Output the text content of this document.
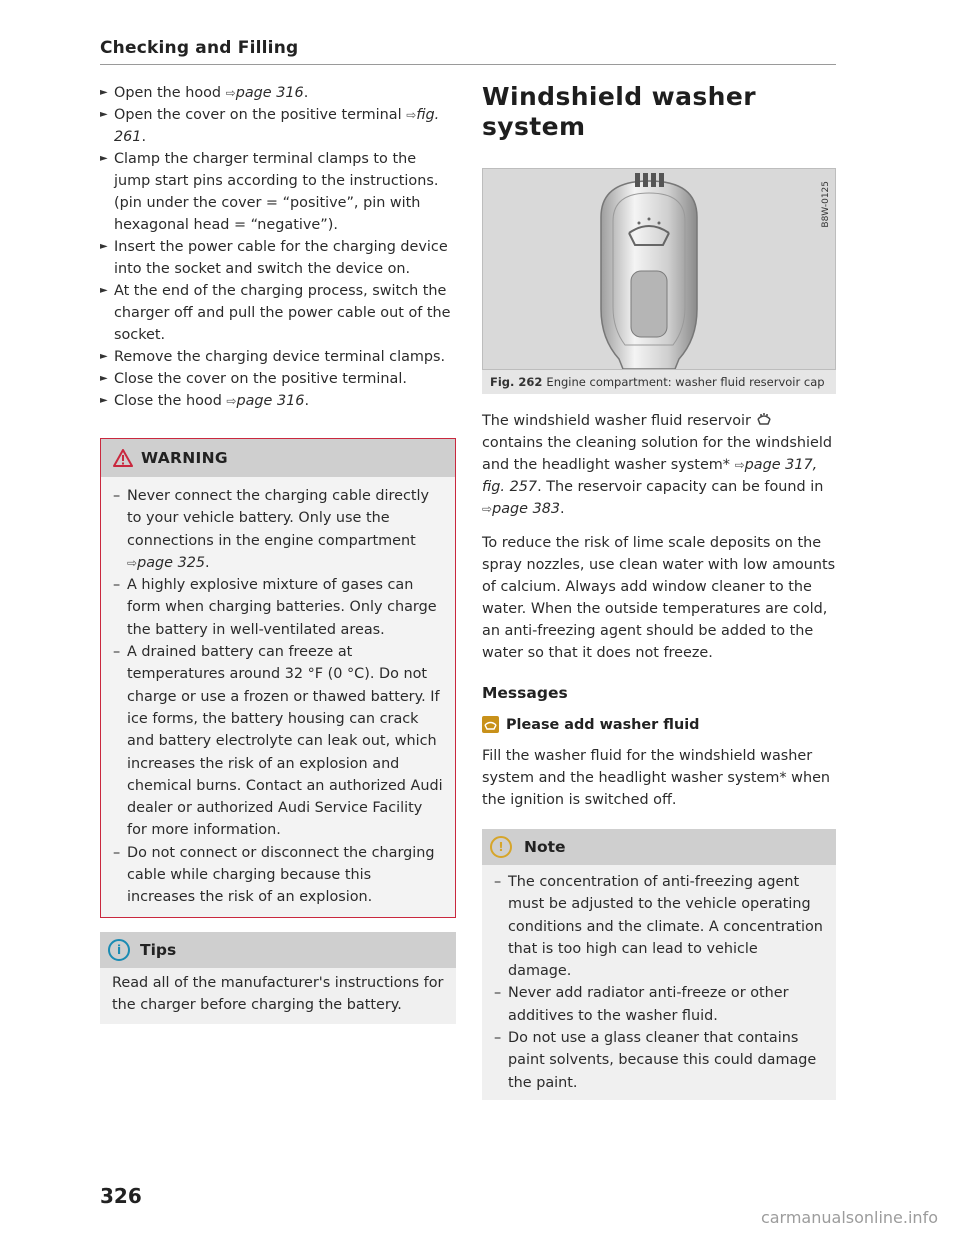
Checking and Filling
► Open the hood ⇨page 316.
► Open the cover on the positive terminal ⇨fig. 261.
► Clamp the charger terminal clamps to the jump start pins according to the instructions. (pin under the cover = “positive”, pin with hexagonal head = “negative”).
► Insert the power cable for the charging device into the socket and switch the device on.
► At the end of the charging process, switch the charger off and pull the power cable out of the socket.
► Remove the charging device terminal clamps.
► Close the cover on the positive terminal.
► Close the hood ⇨page 316.
WARNING
– Never connect the charging cable directly to your vehicle battery. Only use the connections in the engine compartment ⇨page 325.
– A highly explosive mixture of gases can form when charging batteries. Only charge the battery in well-ventilated areas.
– A drained battery can freeze at temperatures around 32 °F (0 °C). Do not charge or use a frozen or thawed battery. If ice forms, the battery housing can crack and battery electrolyte can leak out, which increases the risk of an explosion and chemical burns. Contact an authorized Audi dealer or authorized Audi Service Facility for more information.
– Do not connect or disconnect the charging cable while charging because this increases the risk of an explosion.
i	Tips
Read all of the manufacturer's instructions for the charger before charging the battery.
326
Windshield washer system
B8W-0125
Fig. 262 Engine compartment: washer fluid reservoir cap

The windshield washer fluid reservoir  contains the cleaning solution for the windshield and the headlight washer system* ⇨page 317, fig. 257. The reservoir capacity can be found in ⇨page 383.

To reduce the risk of lime scale deposits on the spray nozzles, use clean water with low amounts of calcium. Always add window cleaner to the water. When the outside temperatures are cold, an anti-freezing agent should be added to the water so that it does not freeze.

Messages
Please add washer fluid

Fill the washer fluid for the windshield washer system and the headlight washer system* when the ignition is switched off.

!	Note
– The concentration of anti-freezing agent must be adjusted to the vehicle operating conditions and the climate. A concentration that is too high can lead to vehicle damage.
– Never add radiator anti-freeze or other additives to the washer fluid.
– Do not use a glass cleaner that contains paint solvents, because this could damage the paint.
carmanualsonline.info
